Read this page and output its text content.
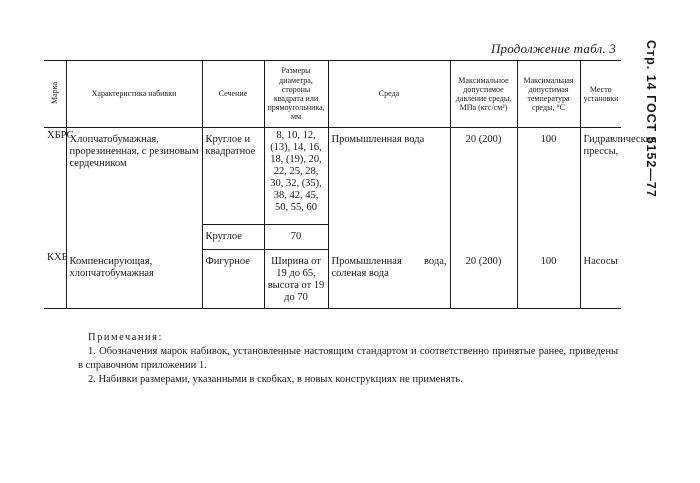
Продолжение табл. 3 Стр. 14 ГОСТ 5152—77
Марка	Характеристика набивки	Сечение	Размеры диаметра, стороны квадрата или прямоугольника, мм	Среда	Максимальное допустимое давление среды, МПа (кгс/см²)	Максимальная допустимая температура среды, °С	Место установки
ХБРС	Хлопчатобумажная, прорезиненная, с резиновым сердечником	Круглое и квадратное	8, 10, 12, (13), 14, 16, 18, (19), 20, 22, 25, 28, 30, 32, (35), 38, 42, 45, 50, 55, 60	Промышленная вода	20 (200)	100	Гидравлические прессы,
		Круглое	70				
КХБ	Компенсирующая, хлопчатобумажная	Фигурное	Ширина от 19 до 65, высота от 19 до 70	Промышленная вода, соленая вода	20 (200)	100	Насосы
Примечания:
1. Обозначения марок набивок, установленные настоящим стандартом и соответственно принятые ранее, приведены в справочном приложении 1.
2. Набивки размерами, указанными в скобках, в новых конструкциях не применять.
